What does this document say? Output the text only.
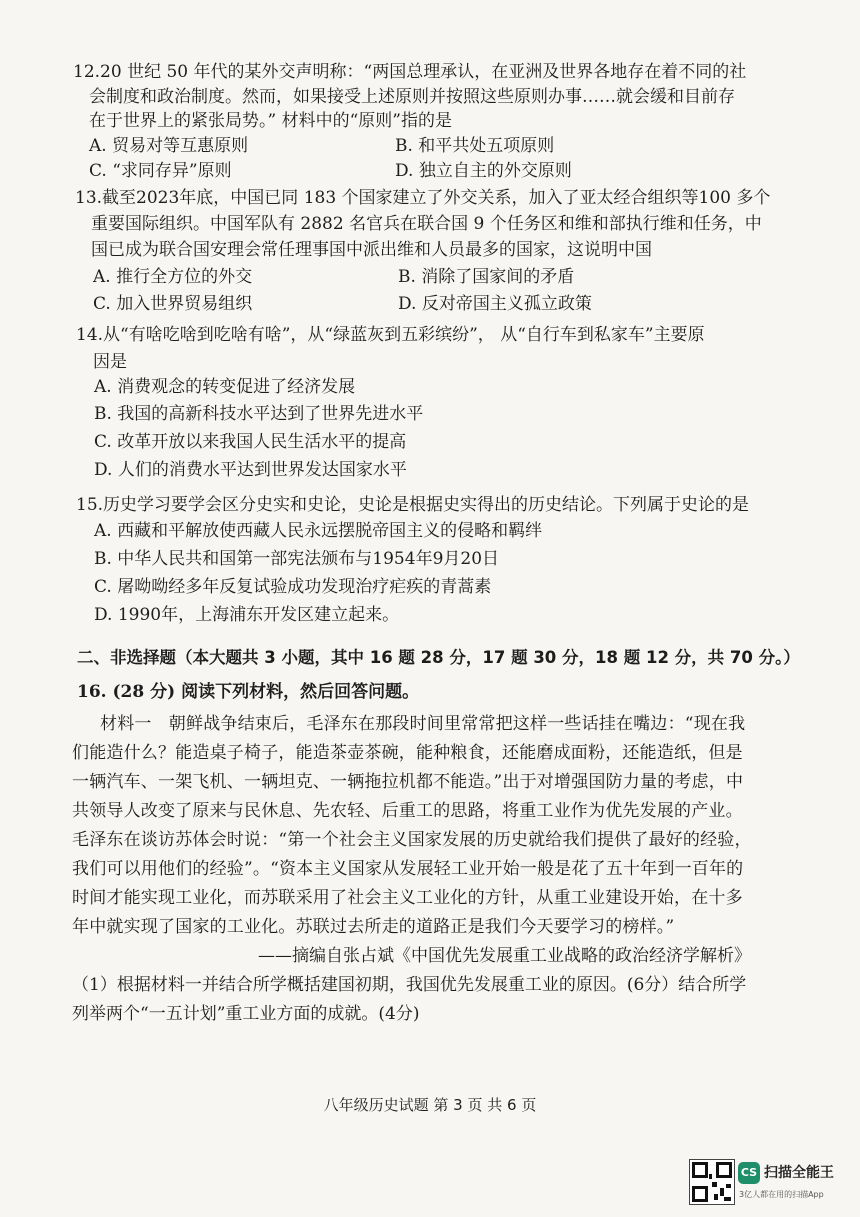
12.20 世纪 50 年代的某外交声明称：“两国总理承认，在亚洲及世界各地存在着不同的社
会制度和政治制度。然而，如果接受上述原则并按照这些原则办事……就会缓和目前存
在于世界上的紧张局势。” 材料中的“原则”指的是
A. 贸易对等互惠原则	B. 和平共处五项原则
C. “求同存异”原则	D. 独立自主的外交原则
13.截至2023年底，中国已同 183 个国家建立了外交关系，加入了亚太经合组织等100 多个
重要国际组织。中国军队有 2882 名官兵在联合国 9 个任务区和维和部执行维和任务，中
国已成为联合国安理会常任理事国中派出维和人员最多的国家，这说明中国
A. 推行全方位的外交	B. 消除了国家间的矛盾
C. 加入世界贸易组织	D. 反对帝国主义孤立政策
14.从“有啥吃啥到吃啥有啥”，从“绿蓝灰到五彩缤纷”， 从“自行车到私家车”主要原
因是
A. 消费观念的转变促进了经济发展
B. 我国的高新科技水平达到了世界先进水平
C. 改革开放以来我国人民生活水平的提高
D. 人们的消费水平达到世界发达国家水平
15.历史学习要学会区分史实和史论，史论是根据史实得出的历史结论。下列属于史论的是
A. 西藏和平解放使西藏人民永远摆脱帝国主义的侵略和羁绊
B. 中华人民共和国第一部宪法颁布与1954年9月20日
C. 屠呦呦经多年反复试验成功发现治疗疟疾的青蒿素
D. 1990年，上海浦东开发区建立起来。
二、非选择题（本大题共 3 小题，其中 16 题 28 分，17 题 30 分，18 题 12 分，共 70 分。）
16. (28 分) 阅读下列材料，然后回答问题。
材料一　朝鲜战争结束后，毛泽东在那段时间里常常把这样一些话挂在嘴边：“现在我
们能造什么？能造桌子椅子，能造茶壶茶碗，能种粮食，还能磨成面粉，还能造纸，但是
一辆汽车、一架飞机、一辆坦克、一辆拖拉机都不能造。”出于对增强国防力量的考虑，中
共领导人改变了原来与民休息、先农轻、后重工的思路，将重工业作为优先发展的产业。
毛泽东在谈访苏体会时说：“第一个社会主义国家发展的历史就给我们提供了最好的经验，
我们可以用他们的经验”。“资本主义国家从发展轻工业开始一般是花了五十年到一百年的
时间才能实现工业化，而苏联采用了社会主义工业化的方针，从重工业建设开始，在十多
年中就实现了国家的工业化。苏联过去所走的道路正是我们今天要学习的榜样。”
——摘编自张占斌《中国优先发展重工业战略的政治经济学解析》
（1）根据材料一并结合所学概括建国初期，我国优先发展重工业的原因。(6分）结合所学
列举两个“一五计划”重工业方面的成就。(4分)
八年级历史试题 第 3 页 共 6 页
CS 扫描全能王
3亿人都在用的扫描App
